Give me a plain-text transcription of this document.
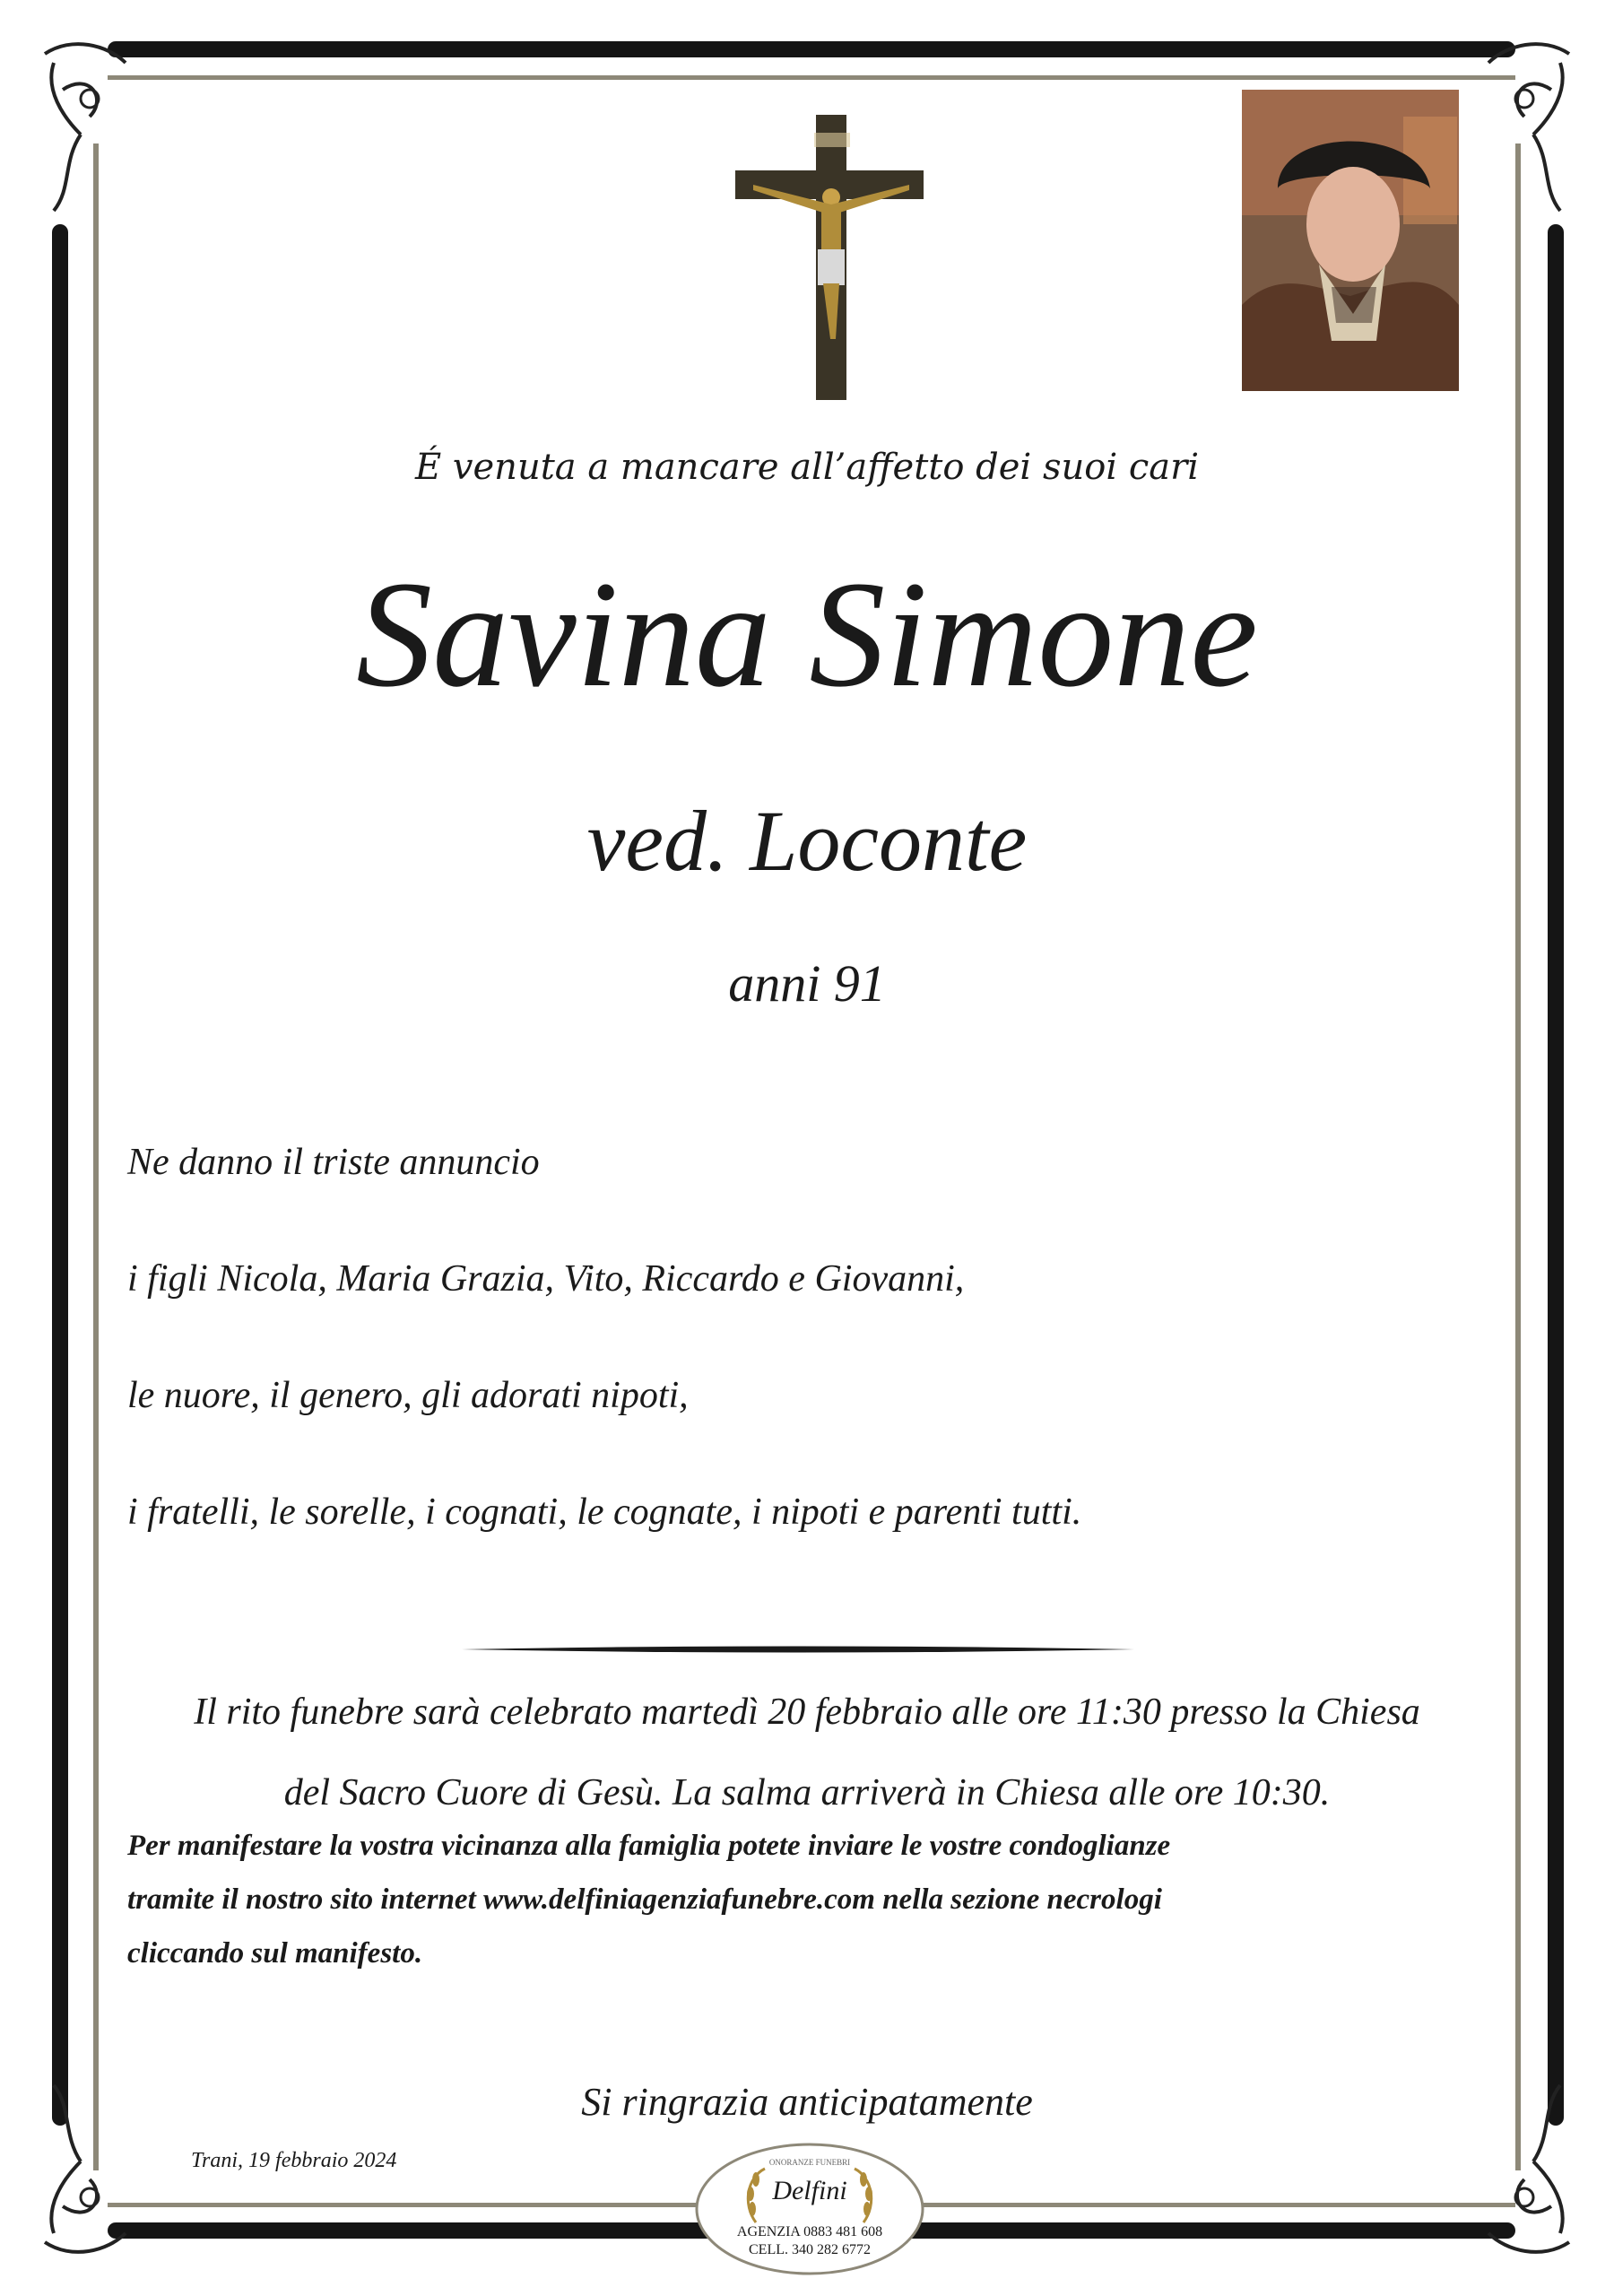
É venuta a mancare all’affetto dei suoi cari
Savina Simone
ved. Loconte
anni 91
Ne danno il triste annuncio
i figli Nicola, Maria Grazia, Vito, Riccardo e Giovanni,
le nuore, il genero, gli adorati nipoti,
i fratelli, le sorelle, i cognati, le cognate, i nipoti e parenti tutti.
Il rito funebre sarà celebrato martedì 20 febbraio alle ore 11:30 presso la Chiesa
del Sacro Cuore di Gesù. La salma arriverà in Chiesa alle ore 10:30.
Per manifestare la vostra vicinanza alla famiglia potete inviare le vostre condoglianze
tramite il nostro sito internet www.delfiniagenziafunebre.com nella sezione necrologi
cliccando sul manifesto.
Si ringrazia anticipatamente
Trani, 19 febbraio 2024	ONORANZE FUNEBRI
Delfini
AGENZIA 0883 481 608
CELL. 340 282 6772
